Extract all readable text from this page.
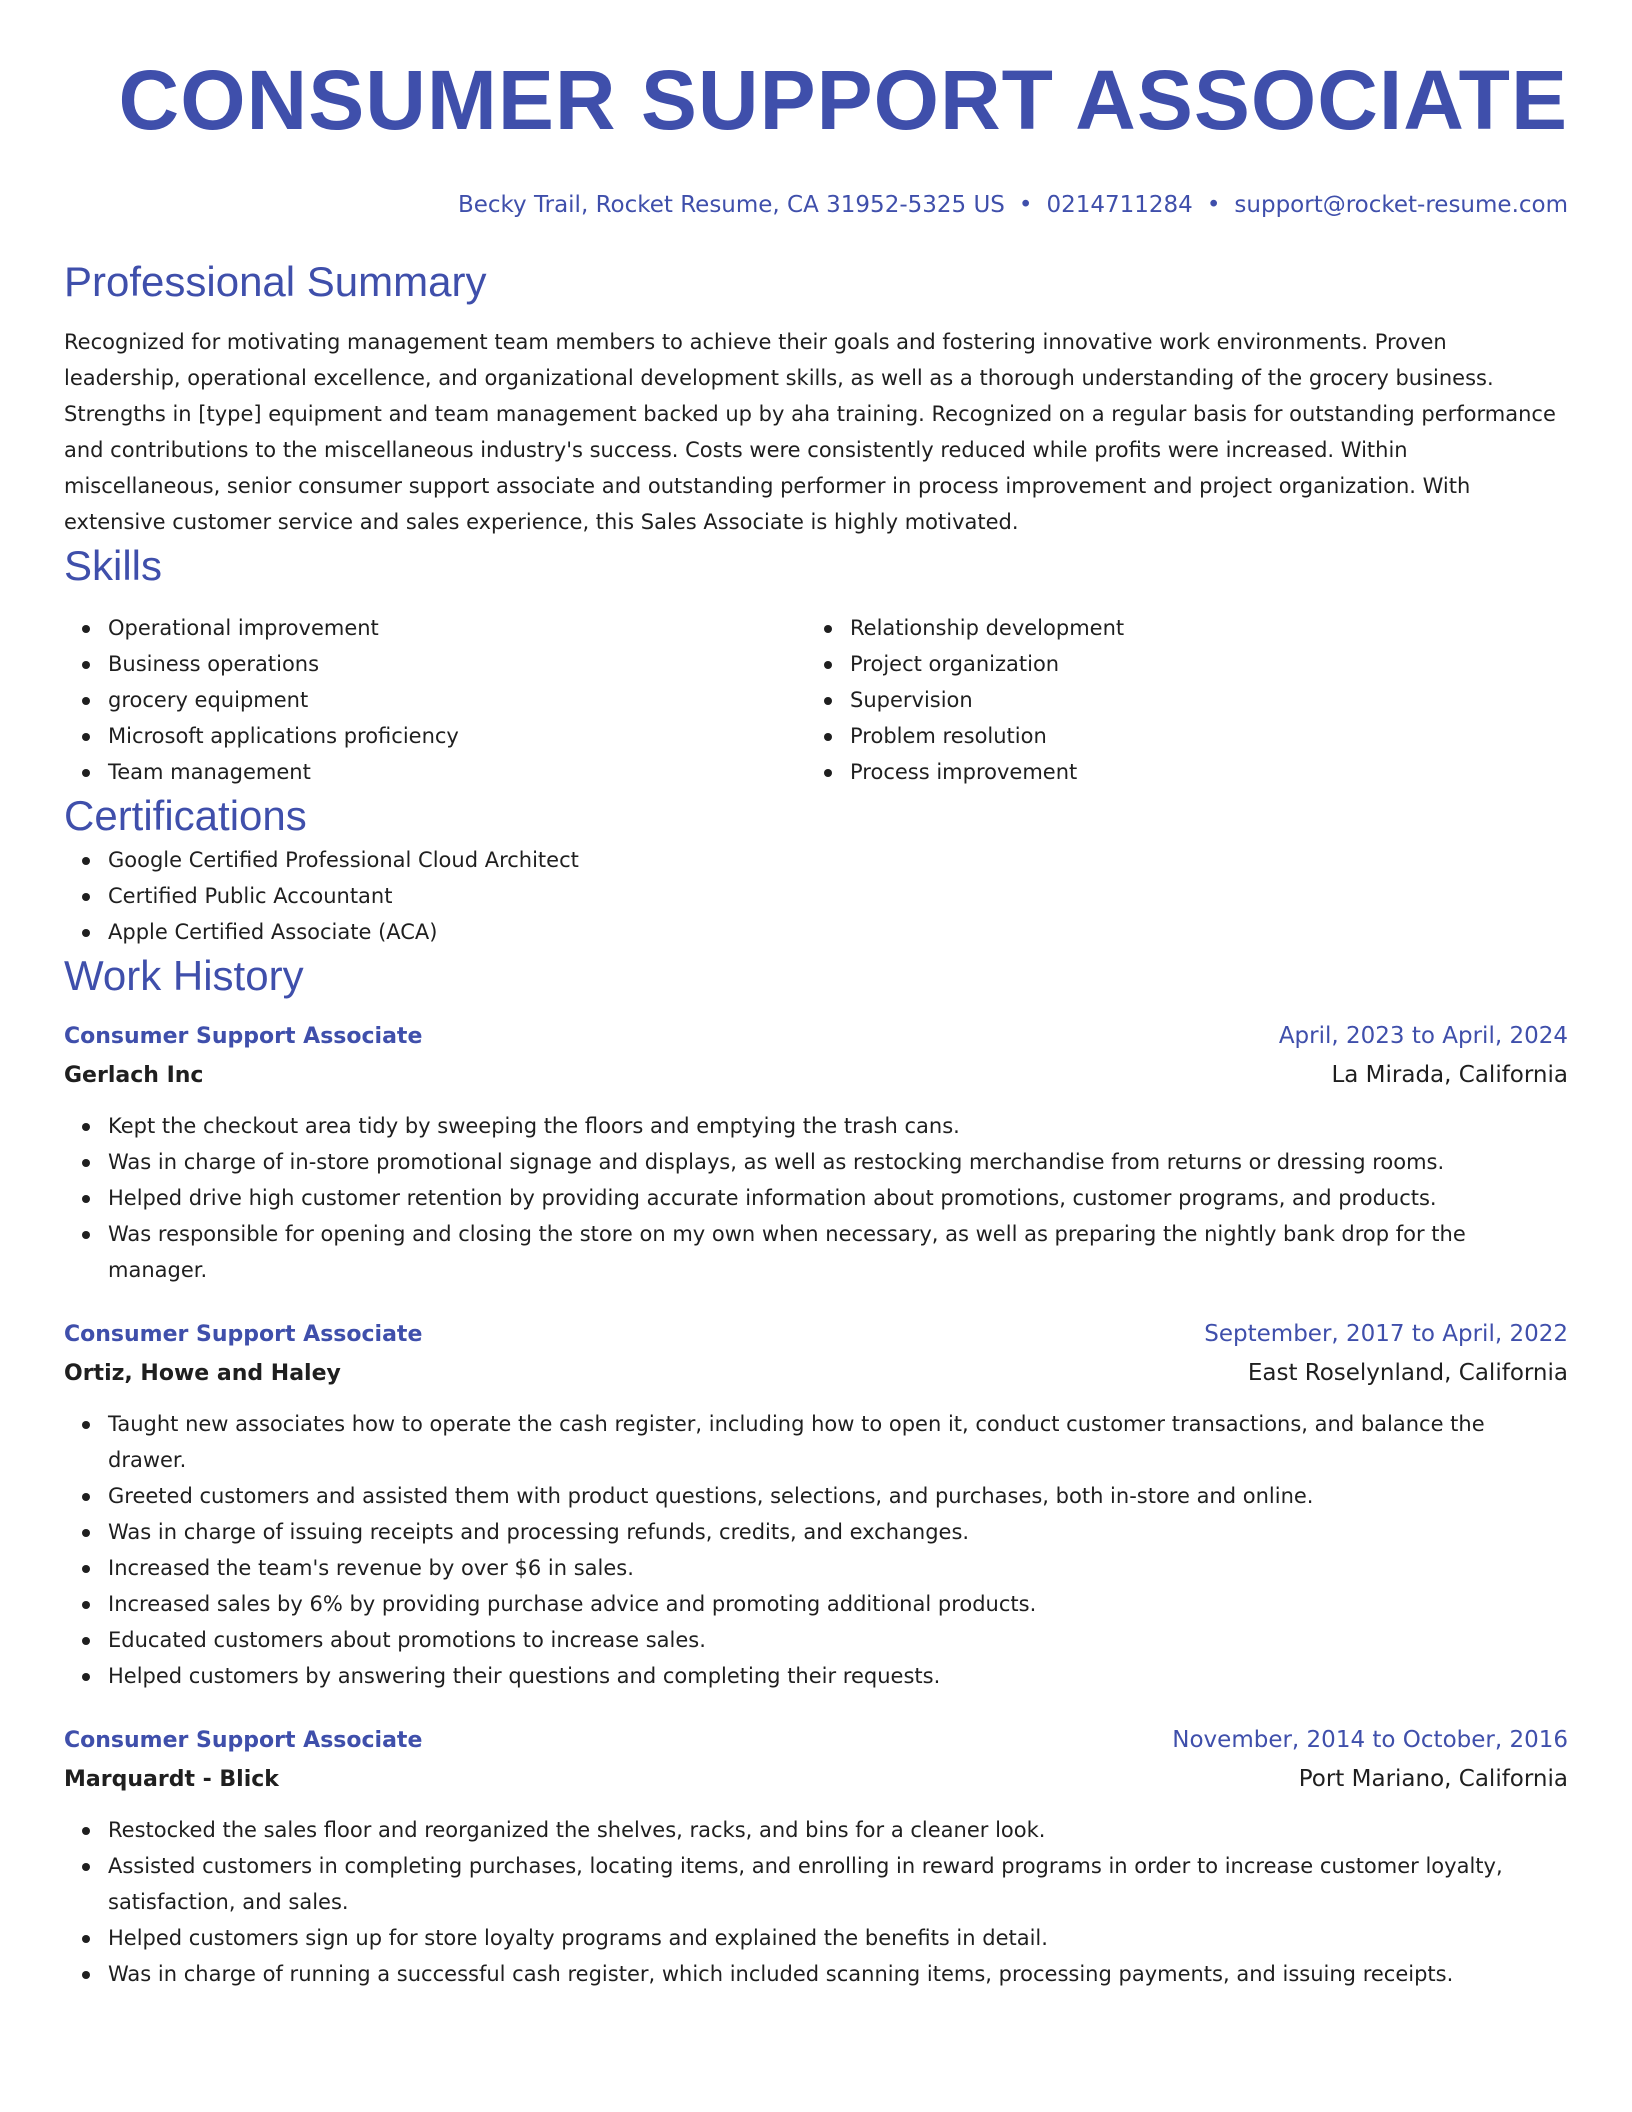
CONSUMER SUPPORT ASSOCIATE
Becky Trail, Rocket Resume, CA 31952-5325 US • 0214711284 • support@rocket-resume.com
Professional Summary

Recognized for motivating management team members to achieve their goals and fostering innovative work environments. Proven leadership, operational excellence, and organizational development skills, as well as a thorough understanding of the grocery business. Strengths in [type] equipment and team management backed up by aha training. Recognized on a regular basis for outstanding performance and contributions to the miscellaneous industry's success. Costs were consistently reduced while profits were increased. Within miscellaneous, senior consumer support associate and outstanding performer in process improvement and project organization. With extensive customer service and sales experience, this Sales Associate is highly motivated.

Skills
Operational improvement
Business operations
grocery equipment
Microsoft applications proficiency
Team management
Relationship development
Project organization
Supervision
Problem resolution
Process improvement
Certifications
Google Certified Professional Cloud Architect
Certified Public Accountant
Apple Certified Associate (ACA)
Work History
Consumer Support Associate	April, 2023 to April, 2024
Gerlach Inc	La Mirada, California
Kept the checkout area tidy by sweeping the floors and emptying the trash cans.
Was in charge of in-store promotional signage and displays, as well as restocking merchandise from returns or dressing rooms.
Helped drive high customer retention by providing accurate information about promotions, customer programs, and products.
Was responsible for opening and closing the store on my own when necessary, as well as preparing the nightly bank drop for the manager.
Consumer Support Associate	September, 2017 to April, 2022
Ortiz, Howe and Haley	East Roselynland, California
Taught new associates how to operate the cash register, including how to open it, conduct customer transactions, and balance the drawer.
Greeted customers and assisted them with product questions, selections, and purchases, both in-store and online.
Was in charge of issuing receipts and processing refunds, credits, and exchanges.
Increased the team's revenue by over $6 in sales.
Increased sales by 6% by providing purchase advice and promoting additional products.
Educated customers about promotions to increase sales.
Helped customers by answering their questions and completing their requests.
Consumer Support Associate	November, 2014 to October, 2016
Marquardt - Blick	Port Mariano, California
Restocked the sales floor and reorganized the shelves, racks, and bins for a cleaner look.
Assisted customers in completing purchases, locating items, and enrolling in reward programs in order to increase customer loyalty, satisfaction, and sales.
Helped customers sign up for store loyalty programs and explained the benefits in detail.
Was in charge of running a successful cash register, which included scanning items, processing payments, and issuing receipts.
